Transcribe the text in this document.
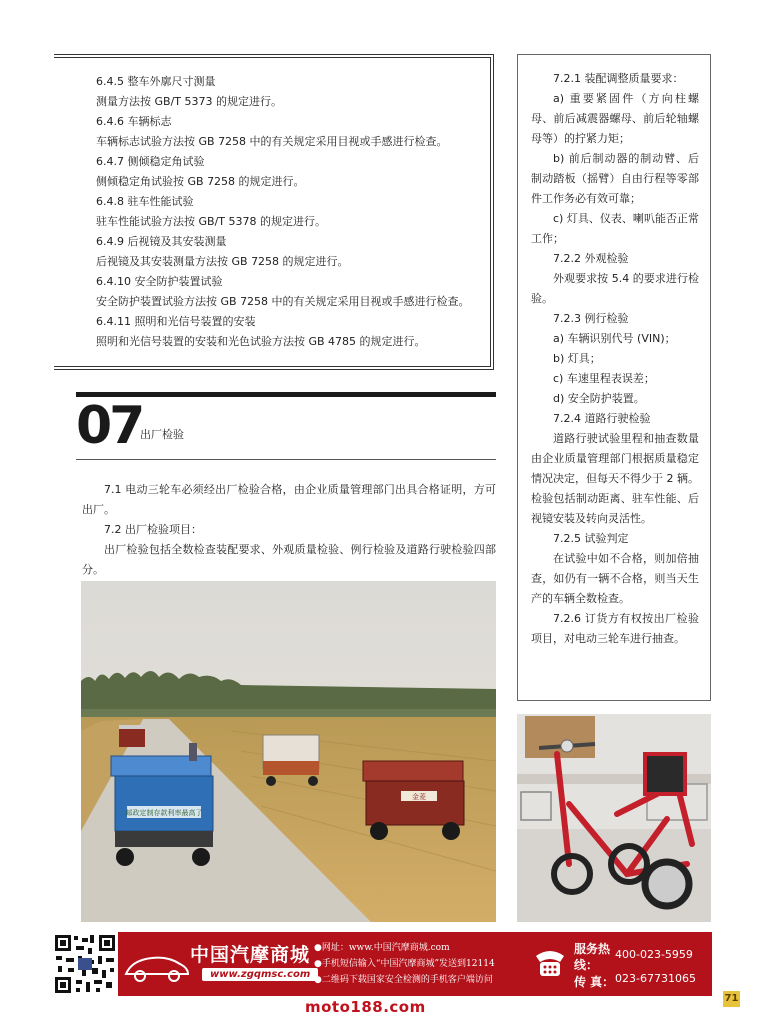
6.4.5 整车外廓尺寸测量
测量方法按 GB/T 5373 的规定进行。
6.4.6 车辆标志
车辆标志试验方法按 GB 7258 中的有关规定采用目视或手感进行检查。
6.4.7 侧倾稳定角试验
侧倾稳定角试验按 GB 7258 的规定进行。
6.4.8 驻车性能试验
驻车性能试验方法按 GB/T 5378 的规定进行。
6.4.9 后视镜及其安装测量
后视镜及其安装测量方法按 GB 7258 的规定进行。
6.4.10 安全防护装置试验
安全防护装置试验方法按 GB 7258 中的有关规定采用目视或手感进行检查。
6.4.11 照明和光信号装置的安装
照明和光信号装置的安装和光色试验方法按 GB 4785 的规定进行。

7.2.1 装配调整质量要求：

a) 重要紧固件（方向柱螺母、前后减震器螺母、前后轮轴螺母等）的拧紧力矩；

b) 前后制动器的制动臂、后制动踏板（摇臂）自由行程等零部件工作务必有效可靠；

c) 灯具、仪表、喇叭能否正常工作；

7.2.2 外观检验

外观要求按 5.4 的要求进行检验。

7.2.3 例行检验

a) 车辆识别代号 (VIN)；

b) 灯具；

c) 车速里程表误差；

d) 安全防护装置。

7.2.4 道路行驶检验

道路行驶试验里程和抽查数量由企业质量管理部门根据质量稳定情况决定，但每天不得少于 2 辆。检验包括制动距离、驻车性能、后视镜安装及转向灵活性。

7.2.5 试验判定

在试验中如不合格，则加倍抽查，如仍有一辆不合格，则当天生产的车辆全数检查。

7.2.6 订货方有权按出厂检验项目，对电动三轮车进行抽查。

07
出厂检验

7.1 电动三轮车必须经出厂检验合格，由企业质量管理部门出具合格证明，方可出厂。

7.2 出厂检验项目：

出厂检验包括全数检查装配要求、外观质量检验、例行检验及道路行驶检验四部分。

邮政定制存款利率最高了
金菱
中国汽摩商城
www.zgqmsc.com
●网址：www.中国汽摩商城.com
●手机短信输入“中国汽摩商城”发送到12114
●二维码下载国家安全检测的手机客户端访问
服务热线：
400-023-5959
传 真： 023-67731065
moto188.com	71
